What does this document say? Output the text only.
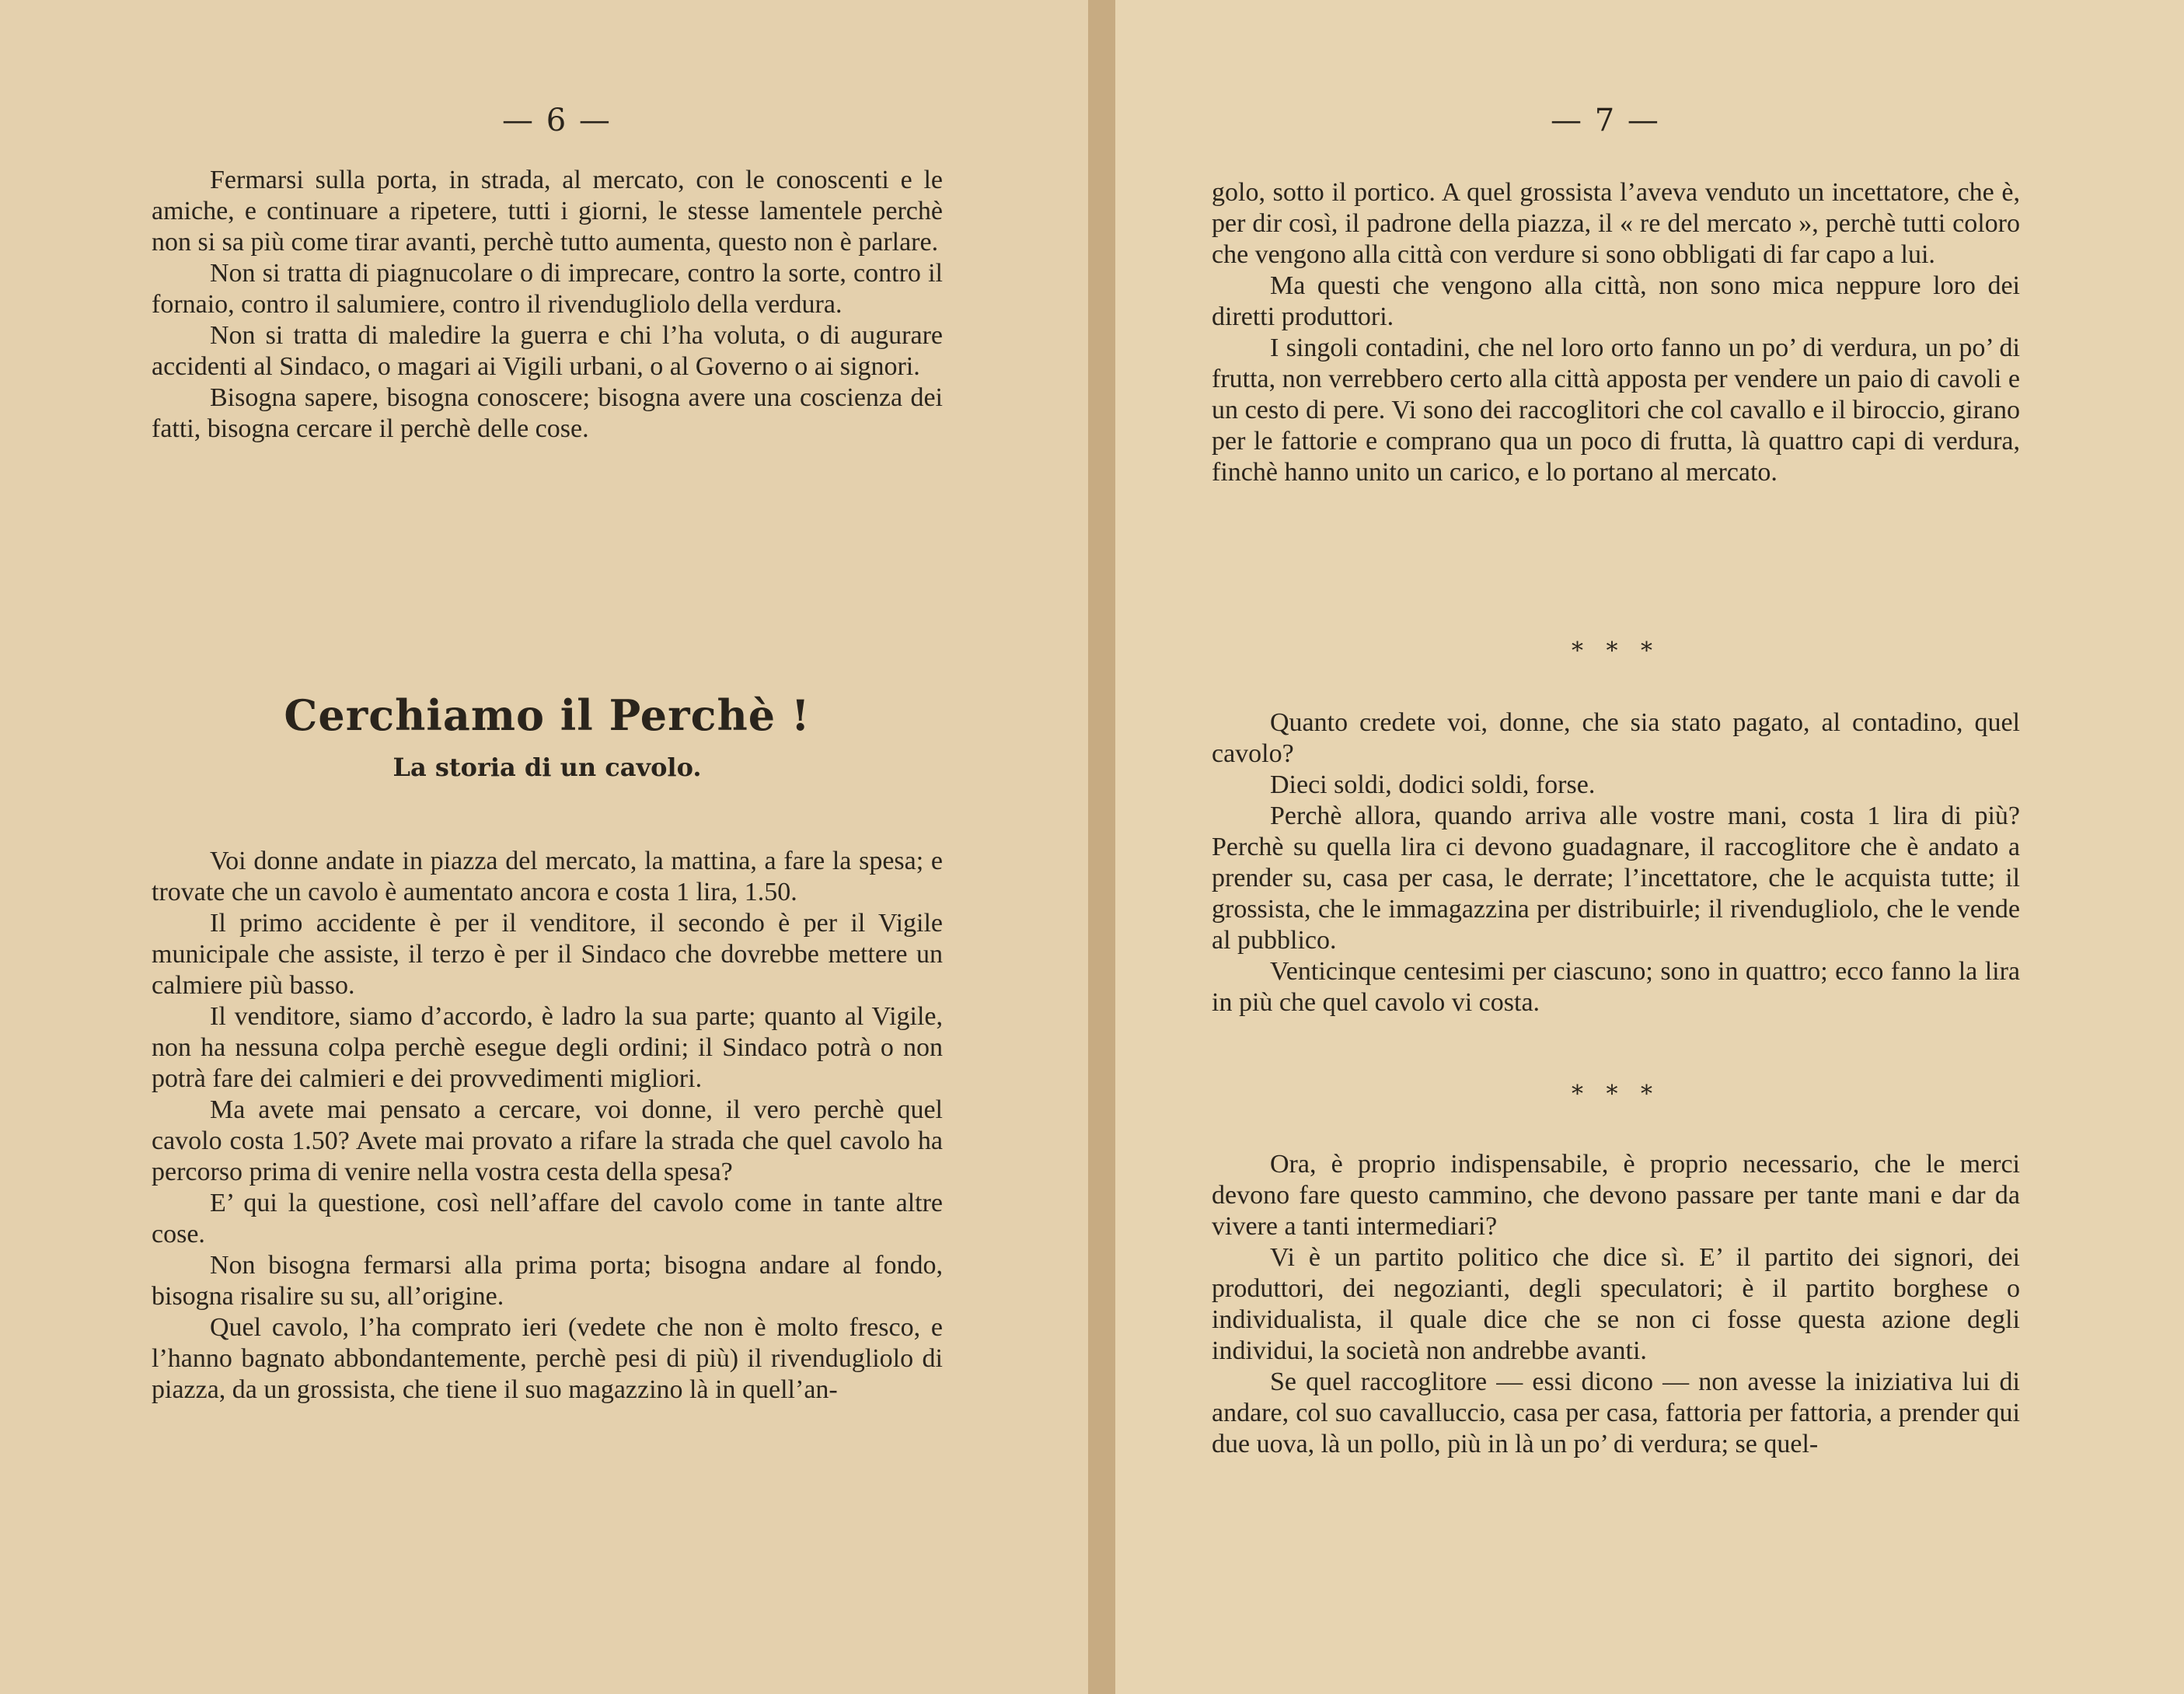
— 6 —

Fermarsi sulla porta, in strada, al mercato, con le conoscenti e le amiche, e continuare a ripetere, tutti i giorni, le stesse lamentele perchè non si sa più come tirar avanti, perchè tutto aumenta, questo non è parlare.

Non si tratta di piagnucolare o di imprecare, contro la sorte, contro il fornaio, contro il salumiere, contro il rivendugliolo della verdura.

Non si tratta di maledire la guerra e chi l’ha voluta, o di augurare accidenti al Sindaco, o magari ai Vigili urbani, o al Governo o ai signori.

Bisogna sapere, bisogna conoscere; bisogna avere una coscienza dei fatti, bisogna cercare il perchè delle cose.

Cerchiamo il Perchè !
La storia di un cavolo.

Voi donne andate in piazza del mercato, la mattina, a fare la spesa; e trovate che un cavolo è aumentato ancora e costa 1 lira, 1.50.

Il primo accidente è per il venditore, il secondo è per il Vigile municipale che assiste, il terzo è per il Sindaco che dovrebbe mettere un calmiere più basso.

Il venditore, siamo d’accordo, è ladro la sua parte; quanto al Vigile, non ha nessuna colpa perchè esegue degli ordini; il Sindaco potrà o non potrà fare dei calmieri e dei provvedimenti migliori.

Ma avete mai pensato a cercare, voi donne, il vero perchè quel cavolo costa 1.50? Avete mai provato a rifare la strada che quel cavolo ha percorso prima di venire nella vostra cesta della spesa?

E’ qui la questione, così nell’affare del cavolo come in tante altre cose.

Non bisogna fermarsi alla prima porta; bisogna andare al fondo, bisogna risalire su su, all’origine.

Quel cavolo, l’ha comprato ieri (vedete che non è molto fresco, e l’hanno bagnato abbondantemente, perchè pesi di più) il rivendugliolo di piazza, da un grossista, che tiene il suo magazzino là in quell’an-

— 7 —

golo, sotto il portico. A quel grossista l’aveva venduto un incettatore, che è, per dir così, il padrone della piazza, il « re del mercato », perchè tutti coloro che vengono alla città con verdure si sono obbligati di far capo a lui.

Ma questi che vengono alla città, non sono mica neppure loro dei diretti produttori.

I singoli contadini, che nel loro orto fanno un po’ di verdura, un po’ di frutta, non verrebbero certo alla città apposta per vendere un paio di cavoli e un cesto di pere. Vi sono dei raccoglitori che col cavallo e il biroccio, girano per le fattorie e comprano qua un poco di frutta, là quattro capi di verdura, finchè hanno unito un carico, e lo portano al mercato.

* * *

Quanto credete voi, donne, che sia stato pagato, al contadino, quel cavolo?

Dieci soldi, dodici soldi, forse.

Perchè allora, quando arriva alle vostre mani, costa 1 lira di più? Perchè su quella lira ci devono guadagnare, il raccoglitore che è andato a prender su, casa per casa, le derrate; l’incettatore, che le acquista tutte; il grossista, che le immagazzina per distribuirle; il rivendugliolo, che le vende al pubblico.

Venticinque centesimi per ciascuno; sono in quattro; ecco fanno la lira in più che quel cavolo vi costa.

* * *

Ora, è proprio indispensabile, è proprio necessario, che le merci devono fare questo cammino, che devono passare per tante mani e dar da vivere a tanti intermediari?

Vi è un partito politico che dice sì. E’ il partito dei signori, dei produttori, dei negozianti, degli speculatori; è il partito borghese o individualista, il quale dice che se non ci fosse questa azione degli individui, la società non andrebbe avanti.

Se quel raccoglitore — essi dicono — non avesse la iniziativa lui di andare, col suo cavalluccio, casa per casa, fattoria per fattoria, a prender qui due uova, là un pollo, più in là un po’ di verdura; se quel-
